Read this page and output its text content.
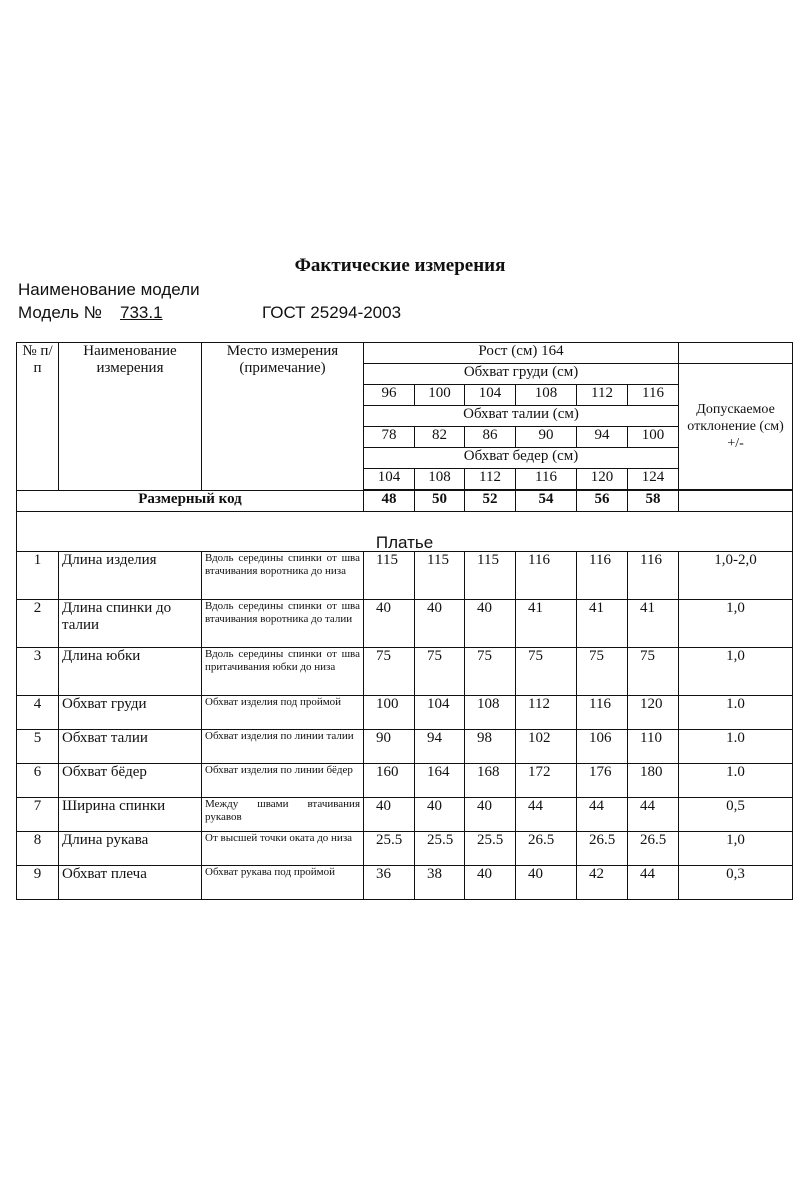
Фактические измерения
Наименование модели
Модель № 733.1	ГОСТ 25294-2003
№ п/п	Наименование измерения	Место измерения (примечание)	Рост (см) 164						
			Обхват груди (см)						Допускаемое отклонение (см) +/-
			96	100	104	108	112	116	
			Обхват талии (см)						
			78	82	86	90	94	100	
			Обхват бедер (см)						
			104	108	112	116	120	124	

Размерный код			48	50	52	54	56	58	
Платье									
1	Длина изделия	Вдоль середины спинки от шва втачивания воротника до низа	115	115	115	116	116	116	1,0-2,0
2	Длина спинки до талии	Вдоль середины спинки от шва втачивания воротника до талии	40	40	40	41	41	41	1,0
3	Длина юбки	Вдоль середины спинки от шва притачивания юбки до низа	75	75	75	75	75	75	1,0
4	Обхват груди	Обхват изделия под проймой	100	104	108	112	116	120	1.0
5	Обхват талии	Обхват изделия по линии талии	90	94	98	102	106	110	1.0
6	Обхват бёдер	Обхват изделия по линии бёдер	160	164	168	172	176	180	1.0
7	Ширина спинки	Между швами втачивания рукавов	40	40	40	44	44	44	0,5
8	Длина рукава	От высшей точки оката до низа	25.5	25.5	25.5	26.5	26.5	26.5	1,0
9	Обхват плеча	Обхват рукава под проймой	36	38	40	40	42	44	0,3
